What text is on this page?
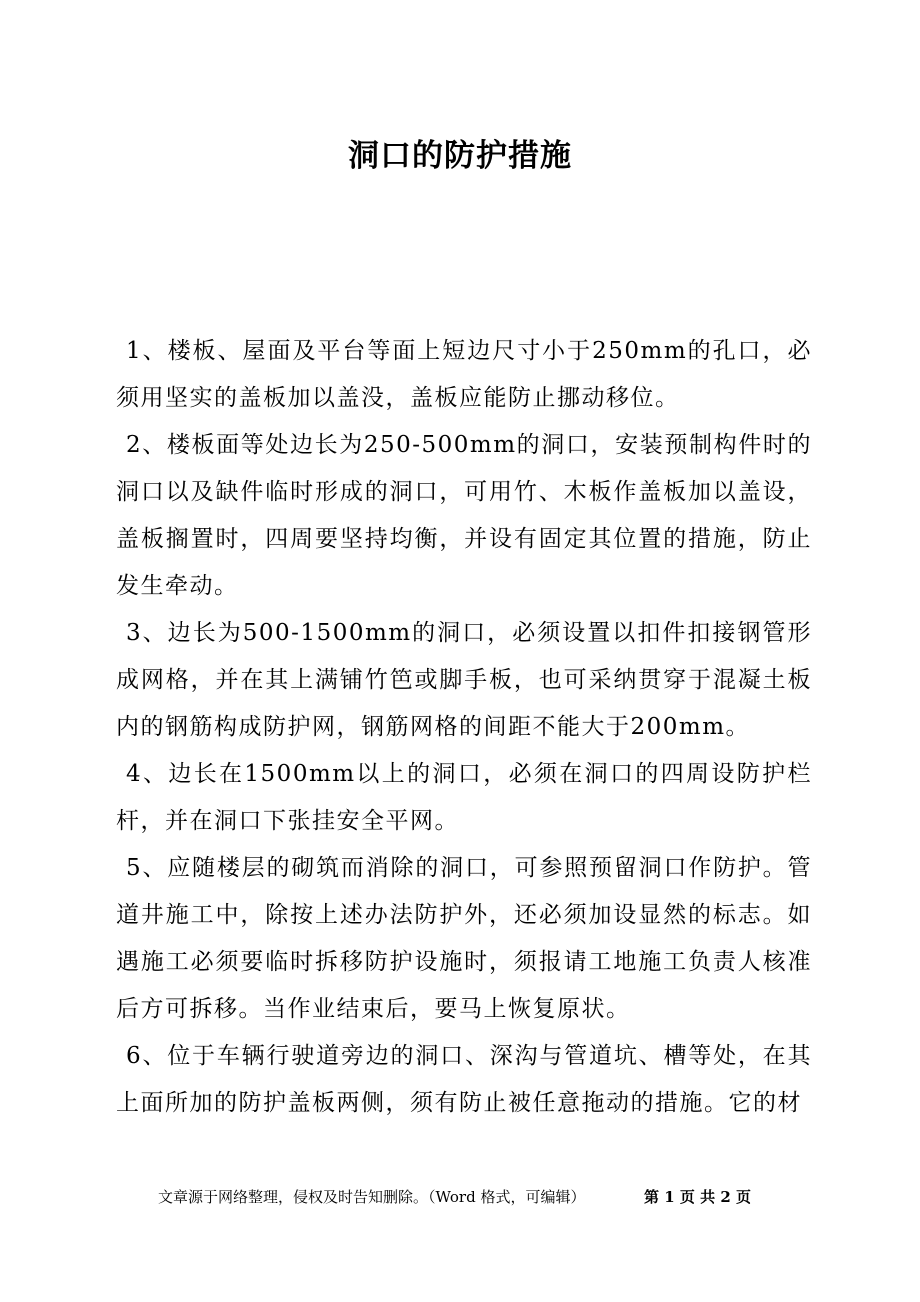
洞口的防护措施

1、楼板、屋面及平台等面上短边尺寸小于250mm的孔口，必须用坚实的盖板加以盖没，盖板应能防止挪动移位。

2、楼板面等处边长为250-500mm的洞口，安装预制构件时的洞口以及缺件临时形成的洞口，可用竹、木板作盖板加以盖设，盖板搁置时，四周要坚持均衡，并设有固定其位置的措施，防止发生牵动。

3、边长为500-1500mm的洞口，必须设置以扣件扣接钢管形成网格，并在其上满铺竹笆或脚手板，也可采纳贯穿于混凝土板内的钢筋构成防护网，钢筋网格的间距不能大于200mm。

4、边长在1500mm以上的洞口，必须在洞口的四周设防护栏杆，并在洞口下张挂安全平网。

5、应随楼层的砌筑而消除的洞口，可参照预留洞口作防护。管道井施工中，除按上述办法防护外，还必须加设显然的标志。如遇施工必须要临时拆移防护设施时，须报请工地施工负责人核准后方可拆移。当作业结束后，要马上恢复原状。

6、位于车辆行驶道旁边的洞口、深沟与管道坑、槽等处，在其上面所加的防护盖板两侧，须有防止被任意拖动的措施。它的材

文章源于网络整理，侵权及时告知删除。（Word 格式，可编辑）	第 1 页 共 2 页
